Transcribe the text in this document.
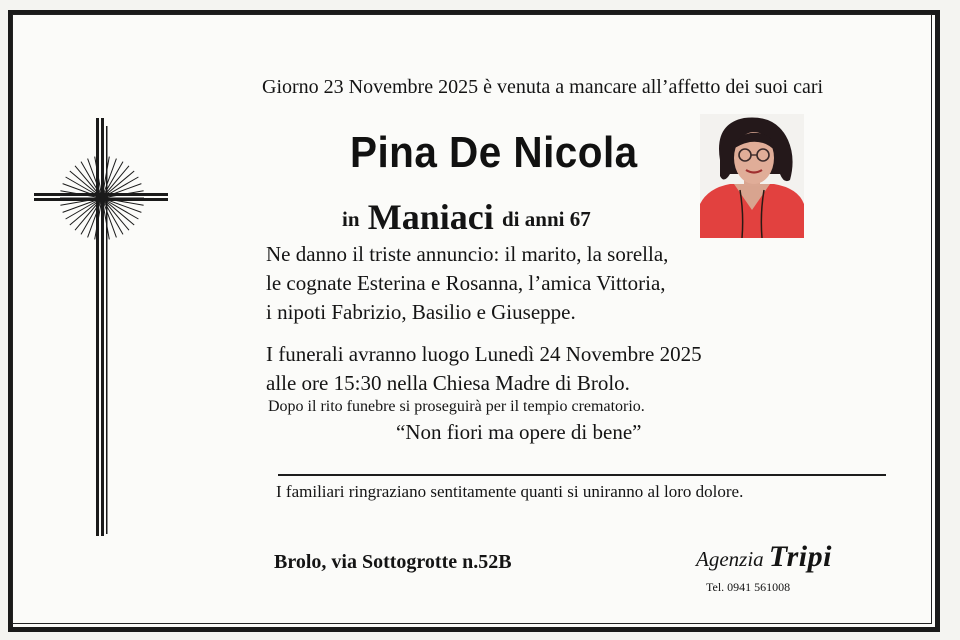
Giorno 23 Novembre 2025 è venuta a mancare all’affetto dei suoi cari
Pina De Nicola
in Maniaci di anni 67
Ne danno il triste annuncio: il marito, la sorella,
le cognate Esterina e Rosanna, l’amica Vittoria,
i nipoti Fabrizio, Basilio e Giuseppe.
I funerali avranno luogo Lunedì 24 Novembre 2025
alle ore 15:30 nella Chiesa Madre di Brolo.
Dopo il rito funebre si proseguirà per il tempio crematorio.
“Non fiori ma opere di bene”
I familiari ringraziano sentitamente quanti si uniranno al loro dolore.
Brolo, via Sottogrotte n.52B	Agenzia Tripi
Tel. 0941 561008
